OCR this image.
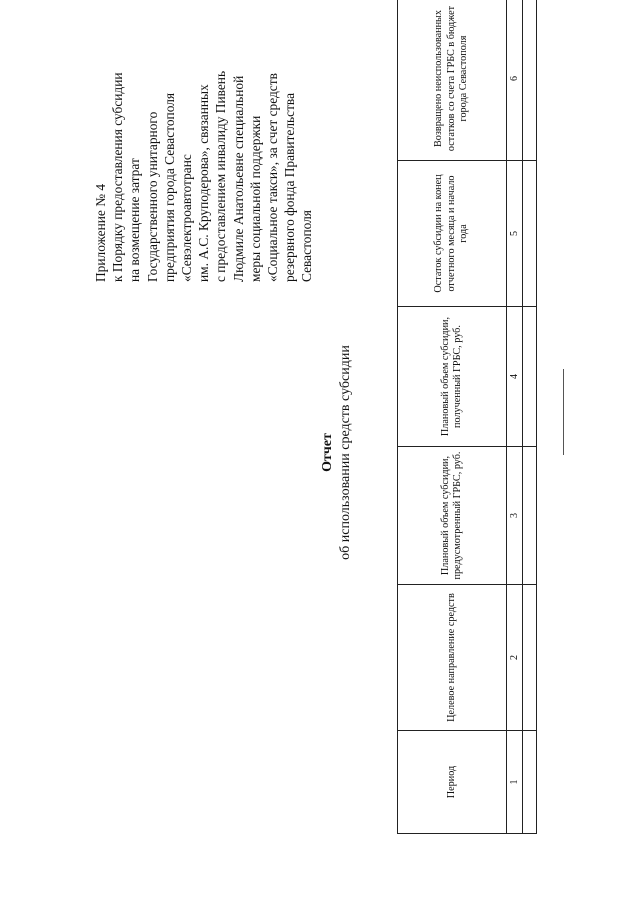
Приложение № 4 к Порядку предоставления субсидии на возмещение затрат Государственного унитарного предприятия города Севастополя «Севэлектроавтотранс им. А.С. Круподерова», связанных с предоставлением инвалиду Пивень Людмиле Анатольевне специальной меры социальной поддержки «Социальное такси», за счет средств резервного фонда Правительства Севастополя
Отчет об использовании средств субсидии
Период	Целевое направление средств	Плановый объем субсидии, предусмотренный ГРБС, руб.	Плановый объем субсидии, полученный ГРБС, руб.	Остаток субсидии на конец отчетного месяца и начало года	Возвращено неиспользованных остатков со счета ГРБС в бюджет города Севастополя
1	2	3	4	5	6
